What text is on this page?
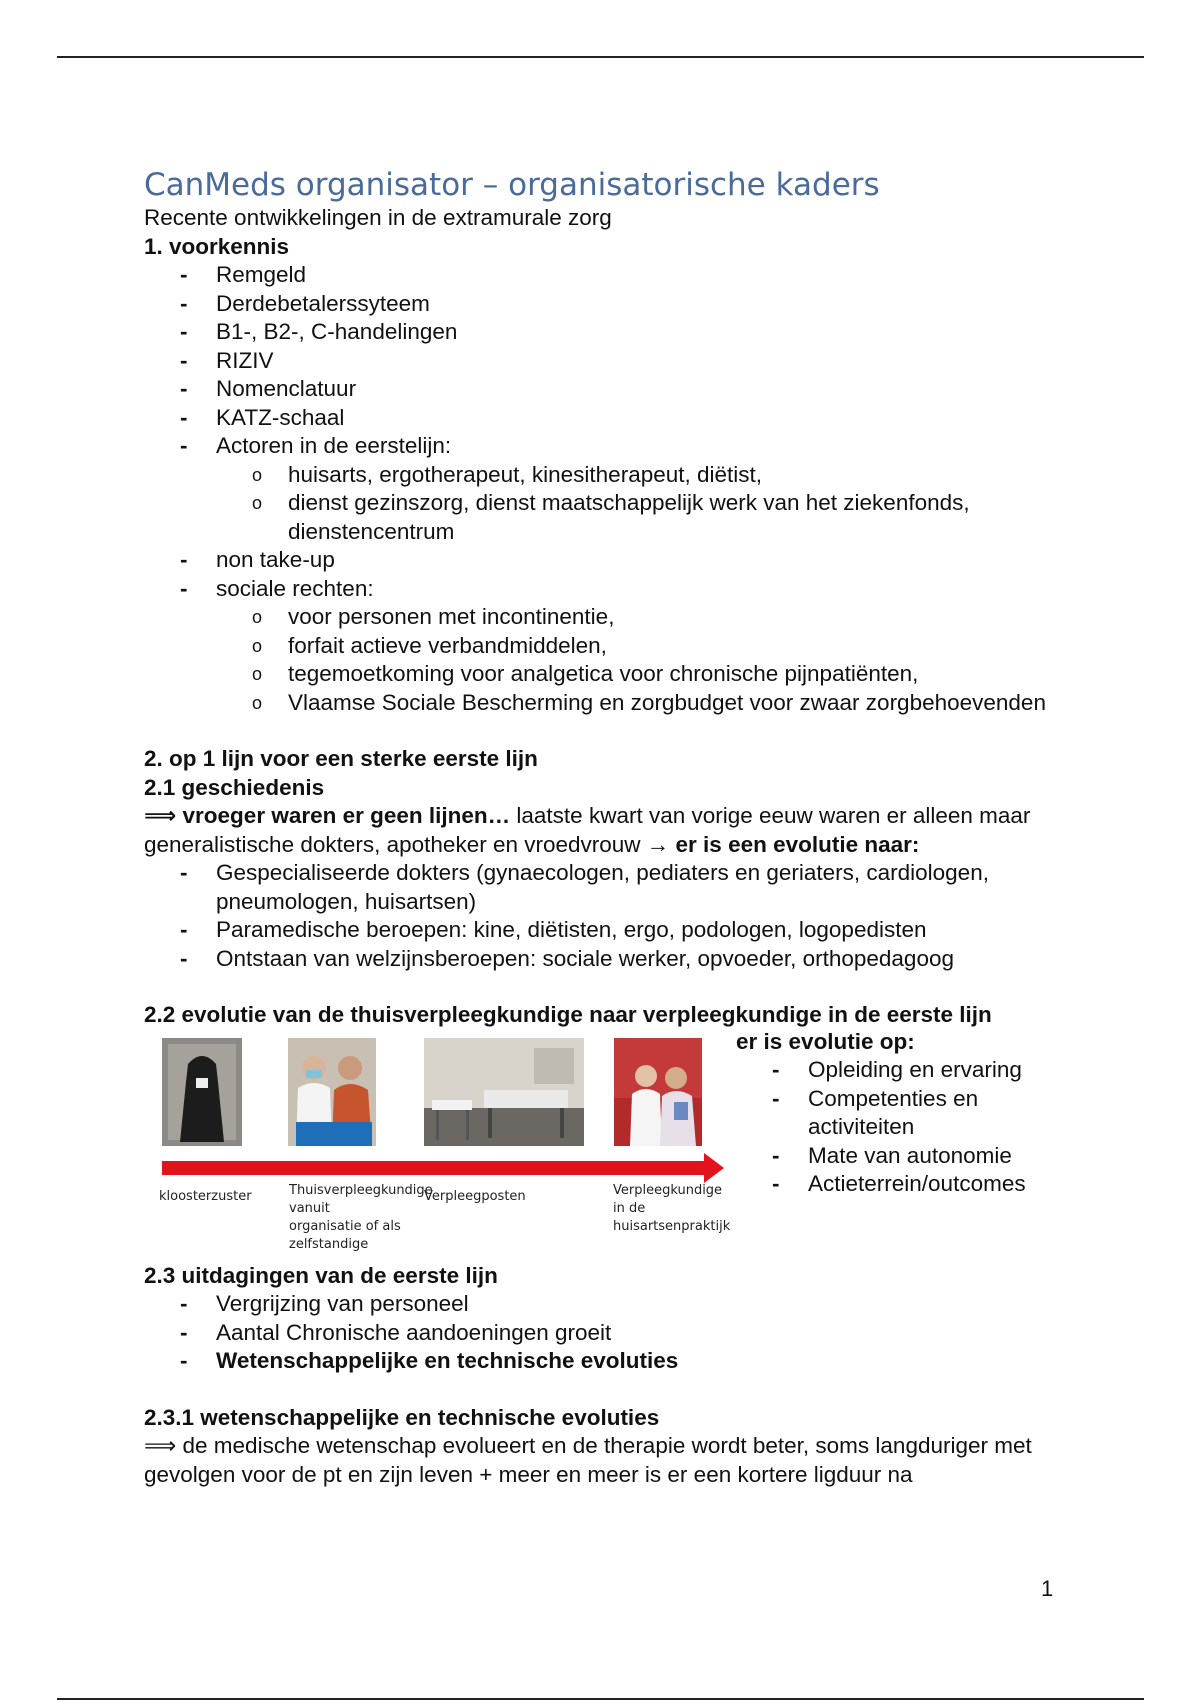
CanMeds organisator – organisatorische kaders

Recente ontwikkelingen in de extramurale zorg

1. voorkennis

- Remgeld
- Derdebetalerssyteem
- B1-, B2-, C-handelingen
- RIZIV
- Nomenclatuur
- KATZ-schaal
- Actoren in de eerstelijn:
o huisarts, ergotherapeut, kinesitherapeut, diëtist,
o dienst gezinszorg, dienst maatschappelijk werk van het ziekenfonds, dienstencentrum
- non take-up
- sociale rechten:
o voor personen met incontinentie,
o forfait actieve verbandmiddelen,
o tegemoetkoming voor analgetica voor chronische pijnpatiënten,
o Vlaamse Sociale Bescherming en zorgbudget voor zwaar zorgbehoevenden

2. op 1 lijn voor een sterke eerste lijn

2.1 geschiedenis

⟹ vroeger waren er geen lijnen… laatste kwart van vorige eeuw waren er alleen maar generalistische dokters, apotheker en vroedvrouw → er is een evolutie naar:

- Gespecialiseerde dokters (gynaecologen, pediaters en geriaters, cardiologen, pneumologen, huisartsen)
- Paramedische beroepen: kine, diëtisten, ergo, podologen, logopedisten
- Ontstaan van welzijnsberoepen: sociale werker, opvoeder, orthopedagoog

2.2 evolutie van de thuisverpleegkundige naar verpleegkundige in de eerste lijn

kloosterzuster	Thuisverpleegkundige vanuit organisatie of als zelfstandige
Verpleegposten	Verpleegkundige in de huisartsenpraktijk

er is evolutie op:

- Opleiding en ervaring
- Competenties en activiteiten
- Mate van autonomie
- Actieterrein/outcomes

2.3 uitdagingen van de eerste lijn

- Vergrijzing van personeel
- Aantal Chronische aandoeningen groeit
- Wetenschappelijke en technische evoluties

2.3.1 wetenschappelijke en technische evoluties

⟹ de medische wetenschap evolueert en de therapie wordt beter, soms langduriger met gevolgen voor de pt en zijn leven + meer en meer is er een kortere ligduur na

1
